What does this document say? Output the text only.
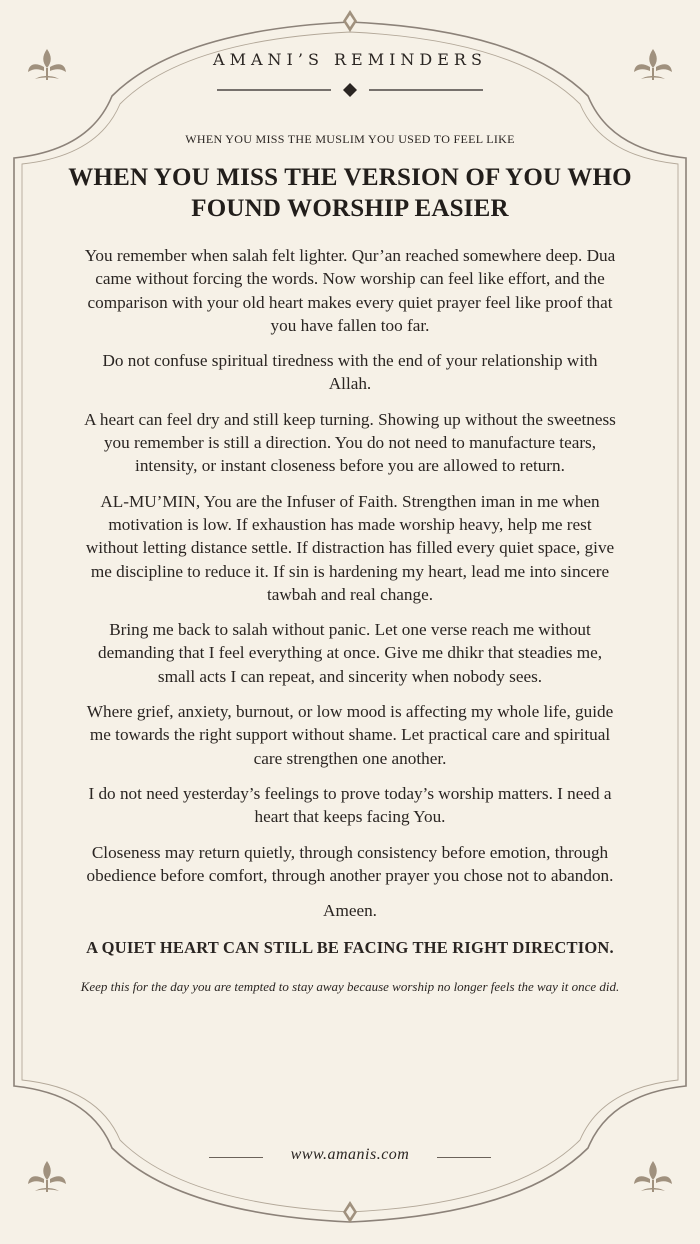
AMANI’S REMINDERS
WHEN YOU MISS THE MUSLIM YOU USED TO FEEL LIKE
WHEN YOU MISS THE VERSION OF YOU WHO FOUND WORSHIP EASIER

You remember when salah felt lighter. Qur’an reached somewhere deep. Dua came without forcing the words. Now worship can feel like effort, and the comparison with your old heart makes every quiet prayer feel like proof that you have fallen too far.

Do not confuse spiritual tiredness with the end of your relationship with Allah.

A heart can feel dry and still keep turning. Showing up without the sweetness you remember is still a direction. You do not need to manufacture tears, intensity, or instant closeness before you are allowed to return.

AL-MU’MIN, You are the Infuser of Faith. Strengthen iman in me when motivation is low. If exhaustion has made worship heavy, help me rest without letting distance settle. If distraction has filled every quiet space, give me discipline to reduce it. If sin is hardening my heart, lead me into sincere tawbah and real change.

Bring me back to salah without panic. Let one verse reach me without demanding that I feel everything at once. Give me dhikr that steadies me, small acts I can repeat, and sincerity when nobody sees.

Where grief, anxiety, burnout, or low mood is affecting my whole life, guide me towards the right support without shame. Let practical care and spiritual care strengthen one another.

I do not need yesterday’s feelings to prove today’s worship matters. I need a heart that keeps facing You.

Closeness may return quietly, through consistency before emotion, through obedience before comfort, through another prayer you chose not to abandon.

Ameen.

A QUIET HEART CAN STILL BE FACING THE RIGHT DIRECTION.

Keep this for the day you are tempted to stay away because worship no longer feels the way it once did.

www.amanis.com
